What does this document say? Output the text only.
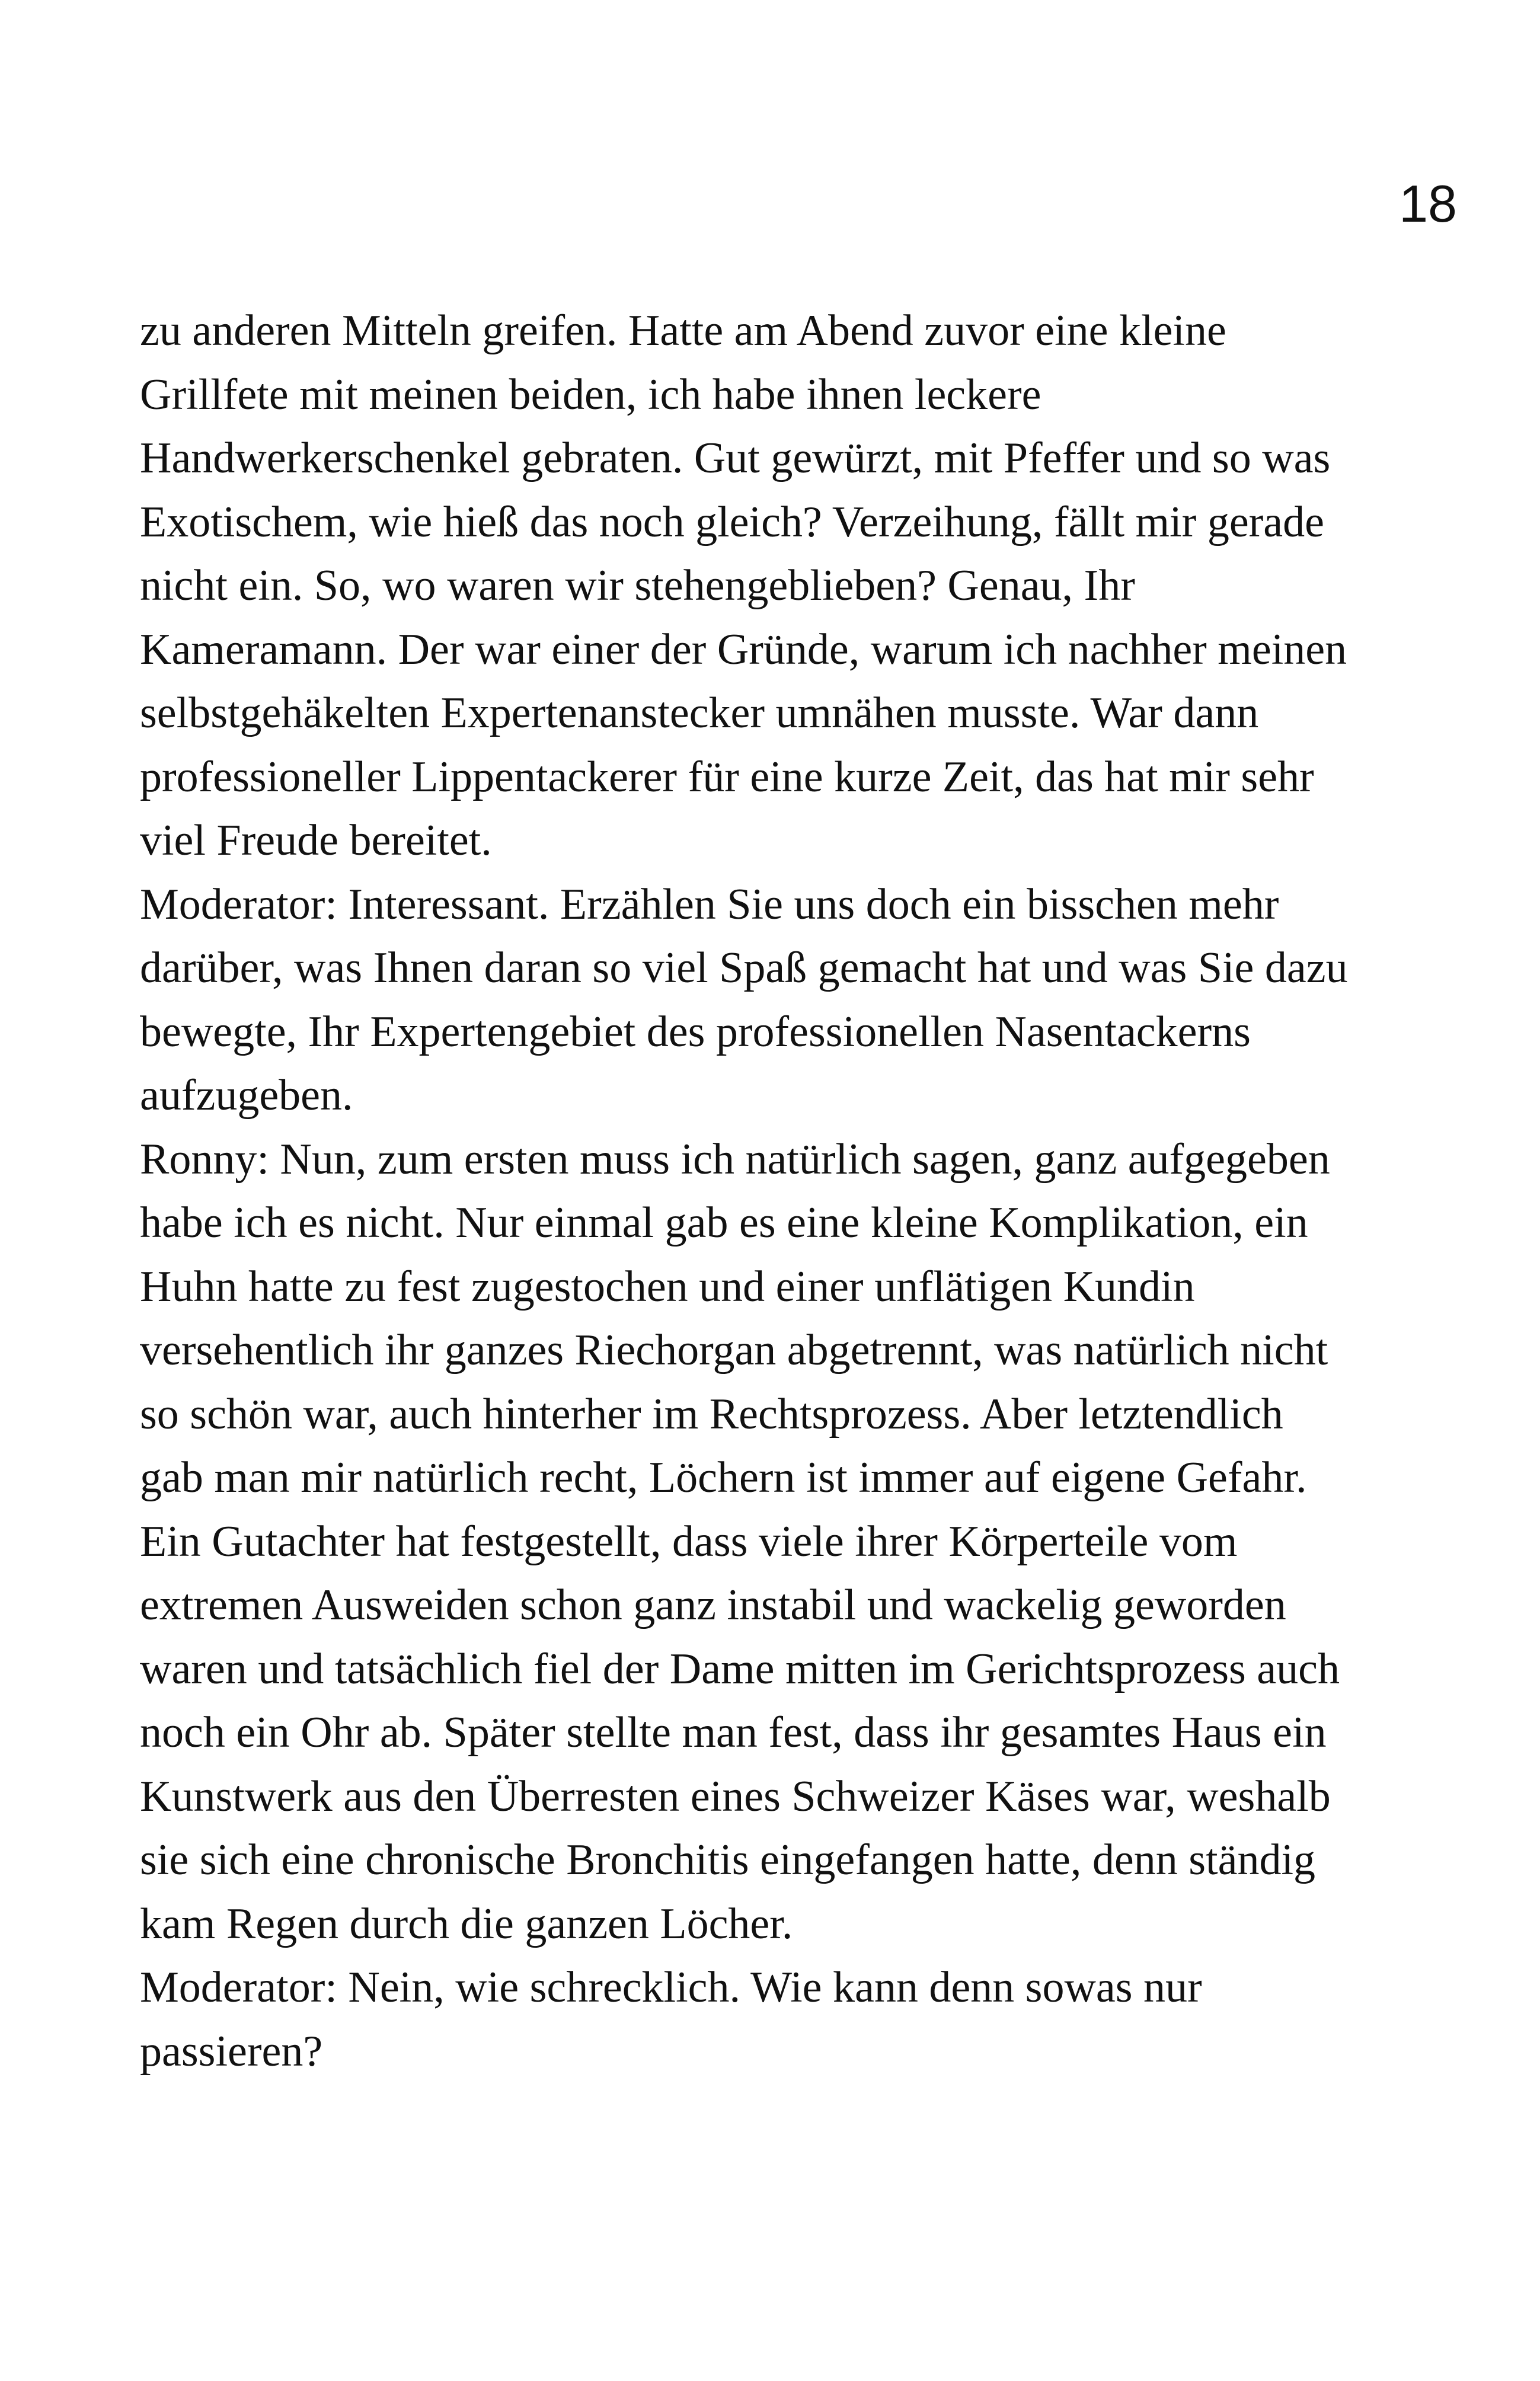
18
zu anderen Mitteln greifen. Hatte am Abend zuvor eine kleine
Grillfete mit meinen beiden, ich habe ihnen leckere
Handwerkerschenkel gebraten. Gut gewürzt, mit Pfeffer und so was
Exotischem, wie hieß das noch gleich? Verzeihung, fällt mir gerade
nicht ein. So, wo waren wir stehengeblieben? Genau, Ihr
Kameramann. Der war einer der Gründe, warum ich nachher meinen
selbstgehäkelten Expertenanstecker umnähen musste. War dann
professioneller Lippentackerer für eine kurze Zeit, das hat mir sehr
viel Freude bereitet.
Moderator: Interessant. Erzählen Sie uns doch ein bisschen mehr
darüber, was Ihnen daran so viel Spaß gemacht hat und was Sie dazu
bewegte, Ihr Expertengebiet des professionellen Nasentackerns
aufzugeben.
Ronny: Nun, zum ersten muss ich natürlich sagen, ganz aufgegeben
habe ich es nicht. Nur einmal gab es eine kleine Komplikation, ein
Huhn hatte zu fest zugestochen und einer unflätigen Kundin
versehentlich ihr ganzes Riechorgan abgetrennt, was natürlich nicht
so schön war, auch hinterher im Rechtsprozess. Aber letztendlich
gab man mir natürlich recht, Löchern ist immer auf eigene Gefahr.
Ein Gutachter hat festgestellt, dass viele ihrer Körperteile vom
extremen Ausweiden schon ganz instabil und wackelig geworden
waren und tatsächlich fiel der Dame mitten im Gerichtsprozess auch
noch ein Ohr ab. Später stellte man fest, dass ihr gesamtes Haus ein
Kunstwerk aus den Überresten eines Schweizer Käses war, weshalb
sie sich eine chronische Bronchitis eingefangen hatte, denn ständig
kam Regen durch die ganzen Löcher.
Moderator: Nein, wie schrecklich. Wie kann denn sowas nur
passieren?
